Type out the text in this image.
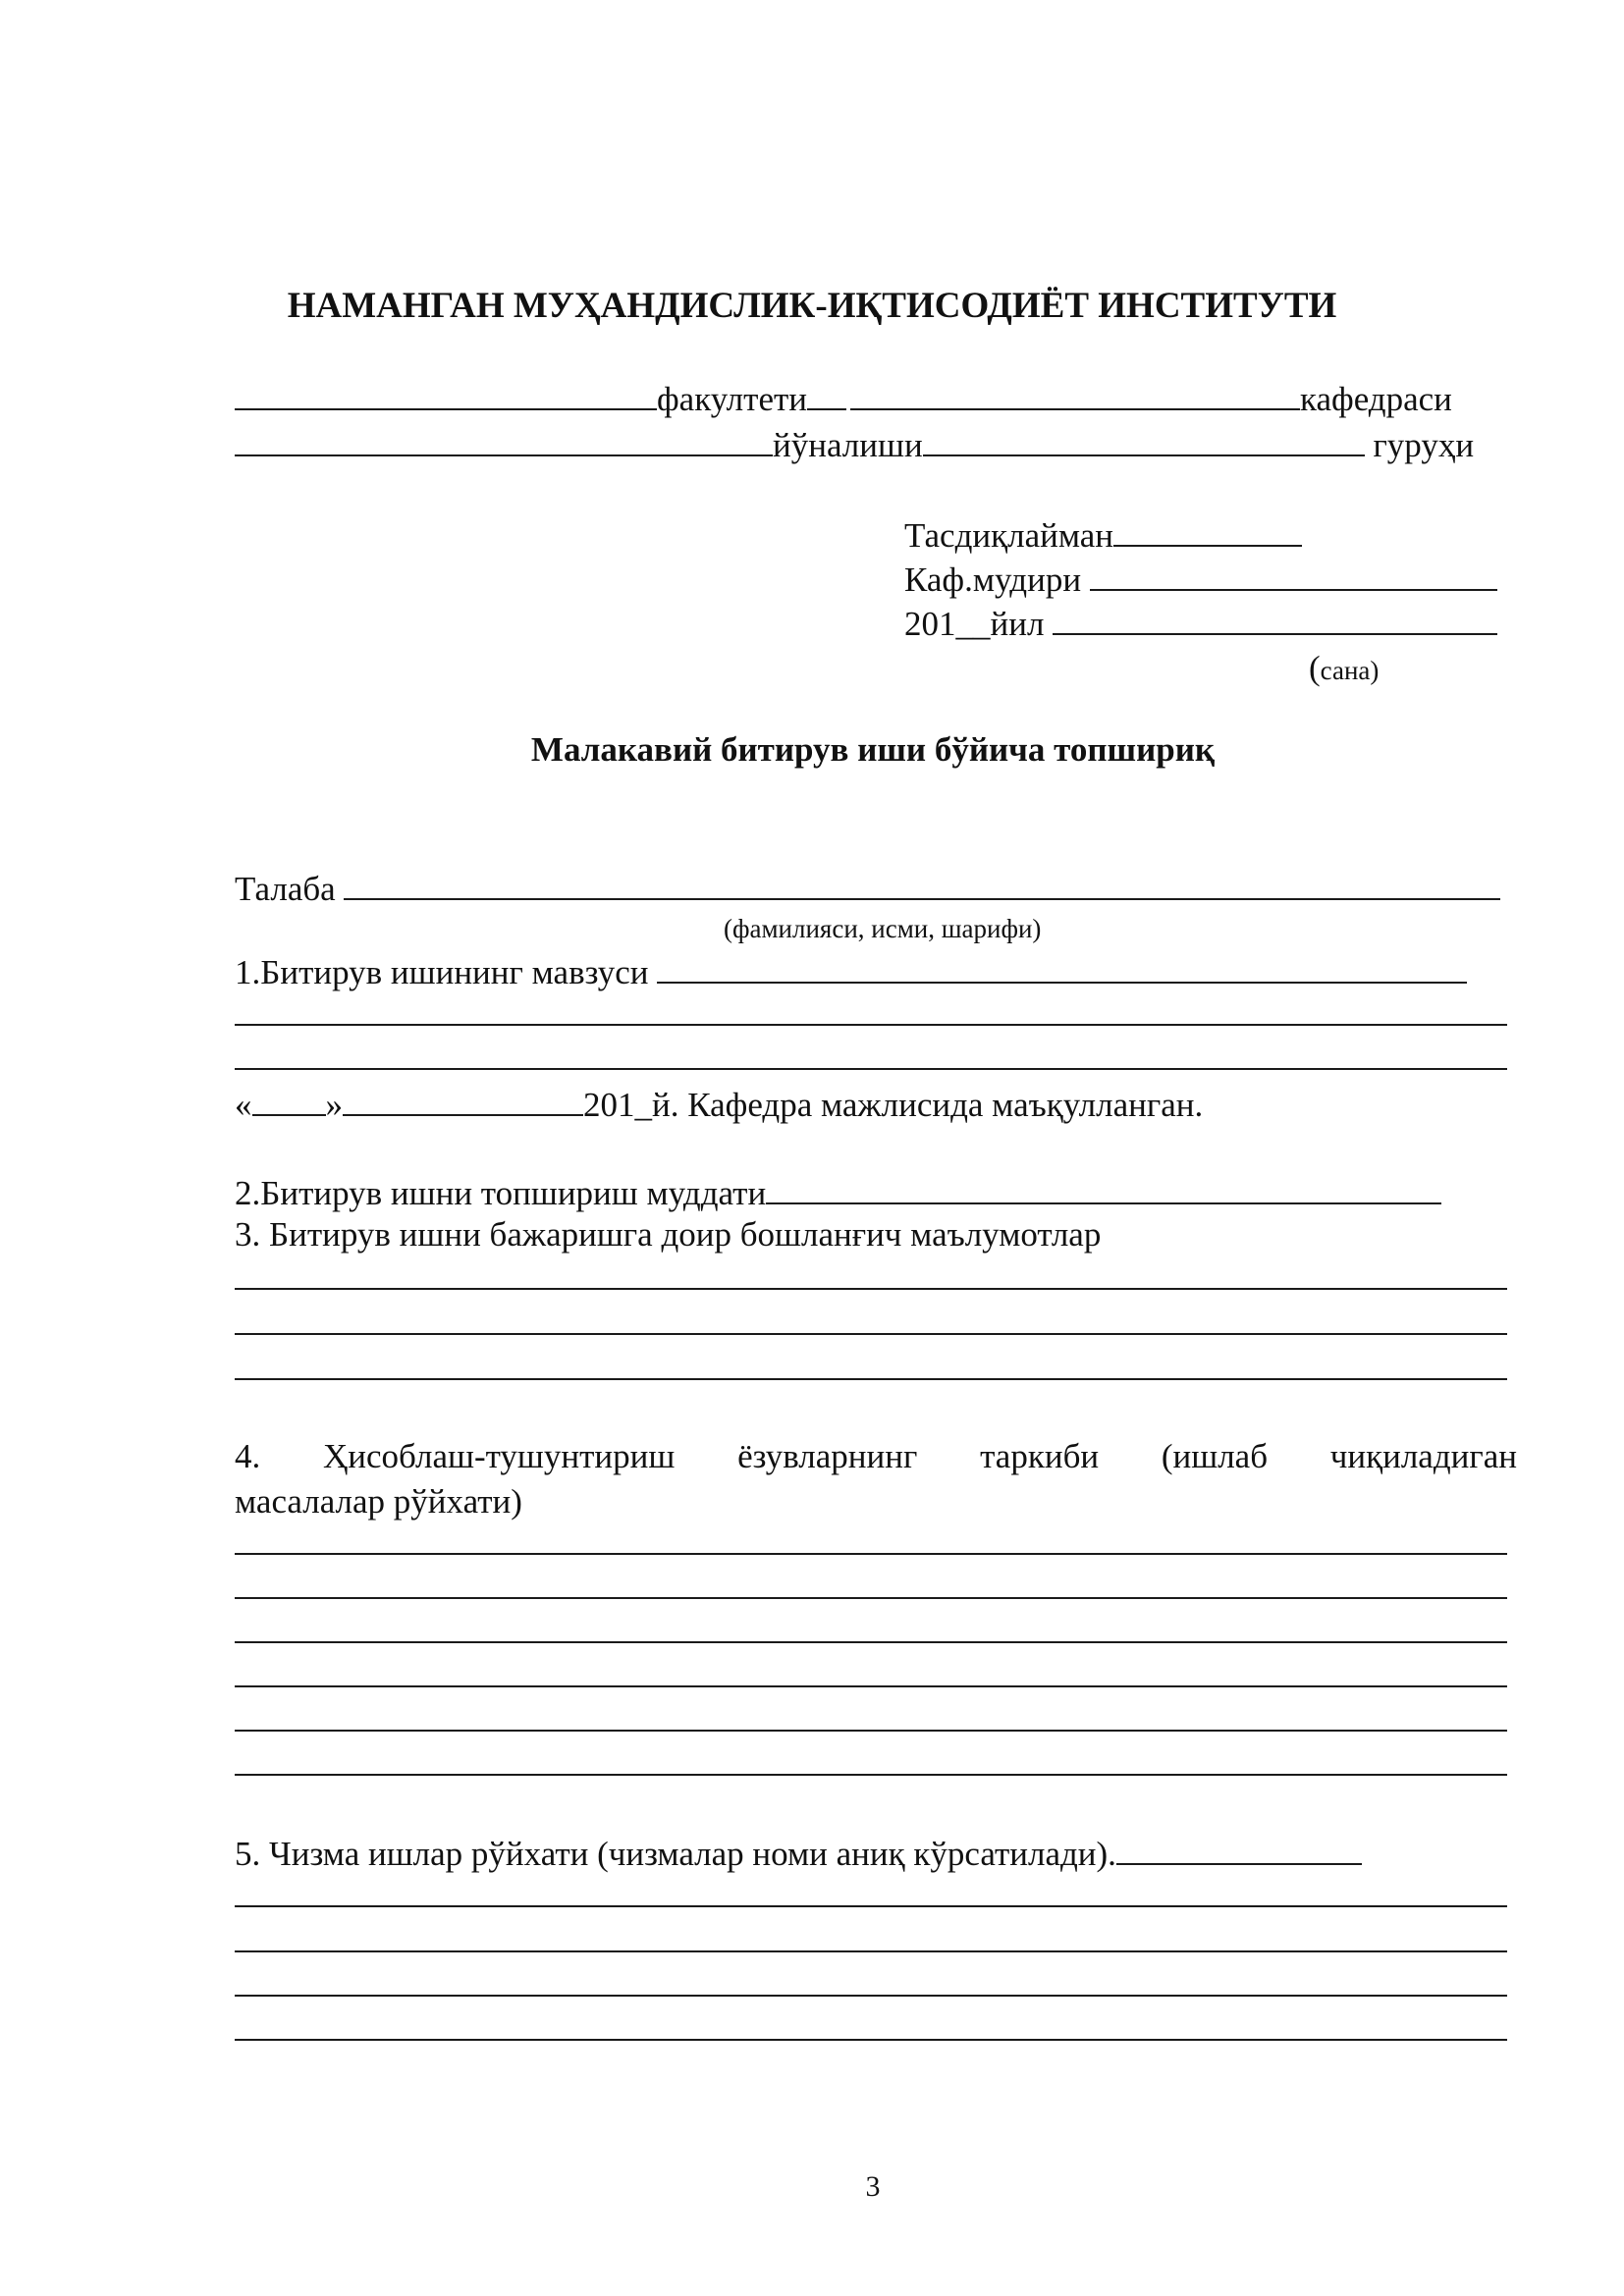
НАМАНГАН МУҲАНДИСЛИК-ИҚТИСОДИЁТ ИНСТИТУТИ
факултети	кафедраси
йўналиши	гуруҳи
Тасдиқлайман
Каф.мудири
201__йил
(сана)
Малакавий битирув иши бўйича топшириқ
Талаба
(фамилияси, исми, шарифи)
1.Битирув ишининг мавзуси
« »	201_й. Кафедра мажлисида маъқулланган.
2.Битирув ишни топшириш муддати
3. Битирув ишни бажаришга доир бошланғич маълумотлар
4. Ҳисоблаш-тушунтириш ёзувларнинг таркиби (ишлаб чиқиладиган
масалалар рўйхати)
5. Чизма ишлар рўйхати (чизмалар номи аниқ кўрсатилади).
3
